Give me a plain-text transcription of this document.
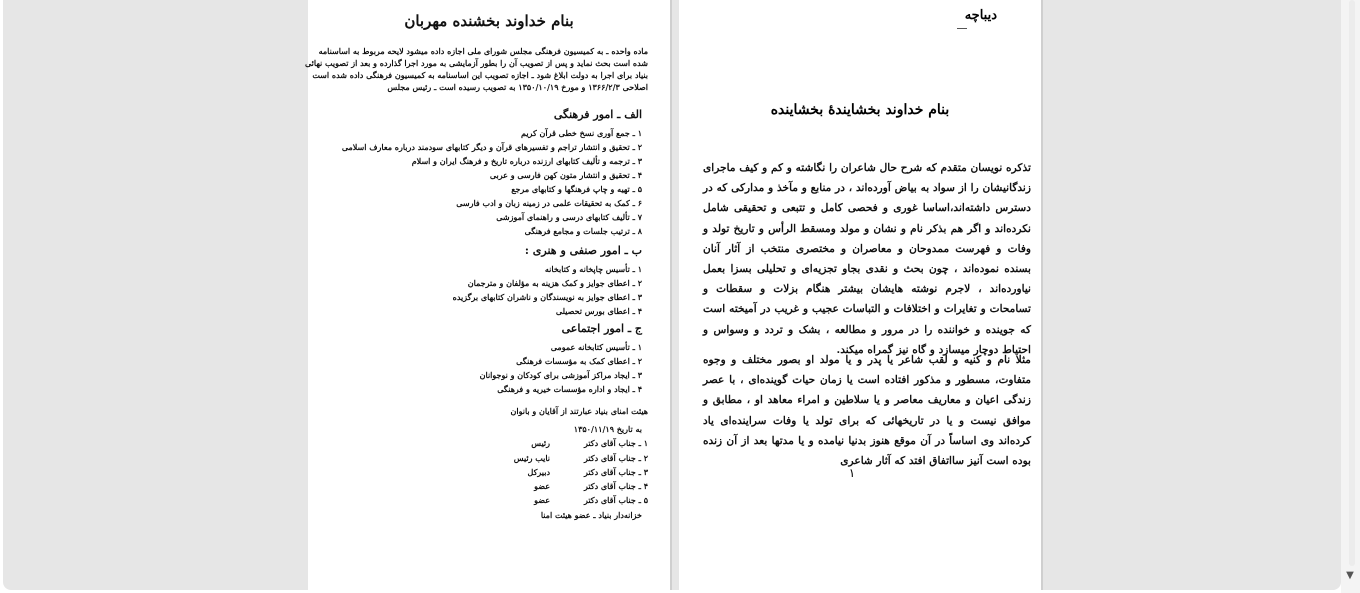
بنام خداوند بخشنده مهربان
ماده واحده ـ به کمیسیون فرهنگی مجلس شورای ملی اجازه داده میشود لایحه مربوط به اساسنامه
شده است بحث نماید و پس از تصویب آن را بطور آزمایشی به مورد اجرا گذارده و بعد از تصویب نهائی
بنیاد برای اجرا به دولت ابلاغ شود ـ اجازه تصویب این اساسنامه به کمیسیون فرهنگی داده شده است
اصلاحی ۱۳۶۶/۲/۳ و مورخ ۱۳۵۰/۱۰/۱۹ به تصویب رسیده است ـ رئیس مجلس
الف ـ امور فرهنگی
۱ ـ جمع آوری نسخ خطی قرآن کریم
۲ ـ تحقیق و انتشار تراجم و تفسیرهای قرآن و دیگر کتابهای سودمند درباره معارف اسلامی
۳ ـ ترجمه و تألیف کتابهای ارزنده درباره تاریخ و فرهنگ ایران و اسلام
۴ ـ تحقیق و انتشار متون کهن فارسی و عربی
۵ ـ تهیه و چاپ فرهنگها و کتابهای مرجع
۶ ـ کمک به تحقیقات علمی در زمینه زبان و ادب فارسی
۷ ـ تألیف کتابهای درسی و راهنمای آموزشی
۸ ـ ترتیب جلسات و مجامع فرهنگی
ب ـ امور صنفی و هنری :
۱ ـ تأسیس چاپخانه و کتابخانه
۲ ـ اعطای جوایز و کمک هزینه به مؤلفان و مترجمان
۳ ـ اعطای جوایز به نویسندگان و ناشران کتابهای برگزیده
۴ ـ اعطای بورس تحصیلی
ج ـ امور اجتماعی
۱ ـ تأسیس کتابخانه عمومی
۲ ـ اعطای کمک به مؤسسات فرهنگی
۳ ـ ایجاد مراکز آموزشی برای کودکان و نوجوانان
۴ ـ ایجاد و اداره مؤسسات خیریه و فرهنگی
هیئت امنای بنیاد عبارتند از آقایان و بانوان
به تاریخ ۱۳۵۰/۱۱/۱۹
۱ ـ جناب آقای دکتر
رئیس
۲ ـ جناب آقای دکتر
نایب رئیس
۳ ـ جناب آقای دکتر
دبیرکل
۴ ـ جناب آقای دکتر
عضو
۵ ـ جناب آقای دکتر
عضو
خزانه‌دار بنیاد ـ عضو هیئت امنا
دیباچه
بنام خداوند بخشایندهٔ بخشاینده
تذکره نویسان متقدم که شرح حال شاعران را نگاشته و کم و کیف ماجرای زندگانیشان را از سواد به بیاض آورده‌اند ، در منابع و مآخذ و مدارکی که در دسترس داشته‌اند،اساسا غوری و فحصی کامل و تتبعی و تحقیقی شامل نکرده‌اند و اگر هم بذکر نام و نشان و مولد ومسقط الرأس و تاریخ تولد و وفات و فهرست ممدوحان و معاصران و مختصری منتخب از آثار آنان بسنده نموده‌اند ، چون بحث و نقدی بجاو تجزیه‌ای و تحلیلی بسزا بعمل نیاورده‌اند ، لاجرم نوشته هایشان بیشتر هنگام بزلات و سقطات و تسامحات و تغایرات و اختلافات و التباسات عجیب و غریب در آمیخته است که جوینده و خواننده را در مرور و مطالعه ، بشک و تردد و وسواس و احتیاط دوچار میسازد و گاه نیز گمراه میکند.
مثلا نام و کنیه و لقب شاعر یا پدر و یا مولد او بصور مختلف و وجوه متفاوت، مسطور و مذکور افتاده است یا زمان حیات گوینده‌ای ، با عصر زندگی اعیان و معاریف معاصر و یا سلاطین و امراء معاهد او ، مطابق و موافق نیست و یا در تاریخهائی که برای تولد یا وفات سراینده‌ای یاد کرده‌اند وی اساساً در آن موقع هنوز بدنیا نیامده و یا مدتها بعد از آن زنده بوده است آنیز سااتفاق افتد که آثار شاعری
۱
▼
